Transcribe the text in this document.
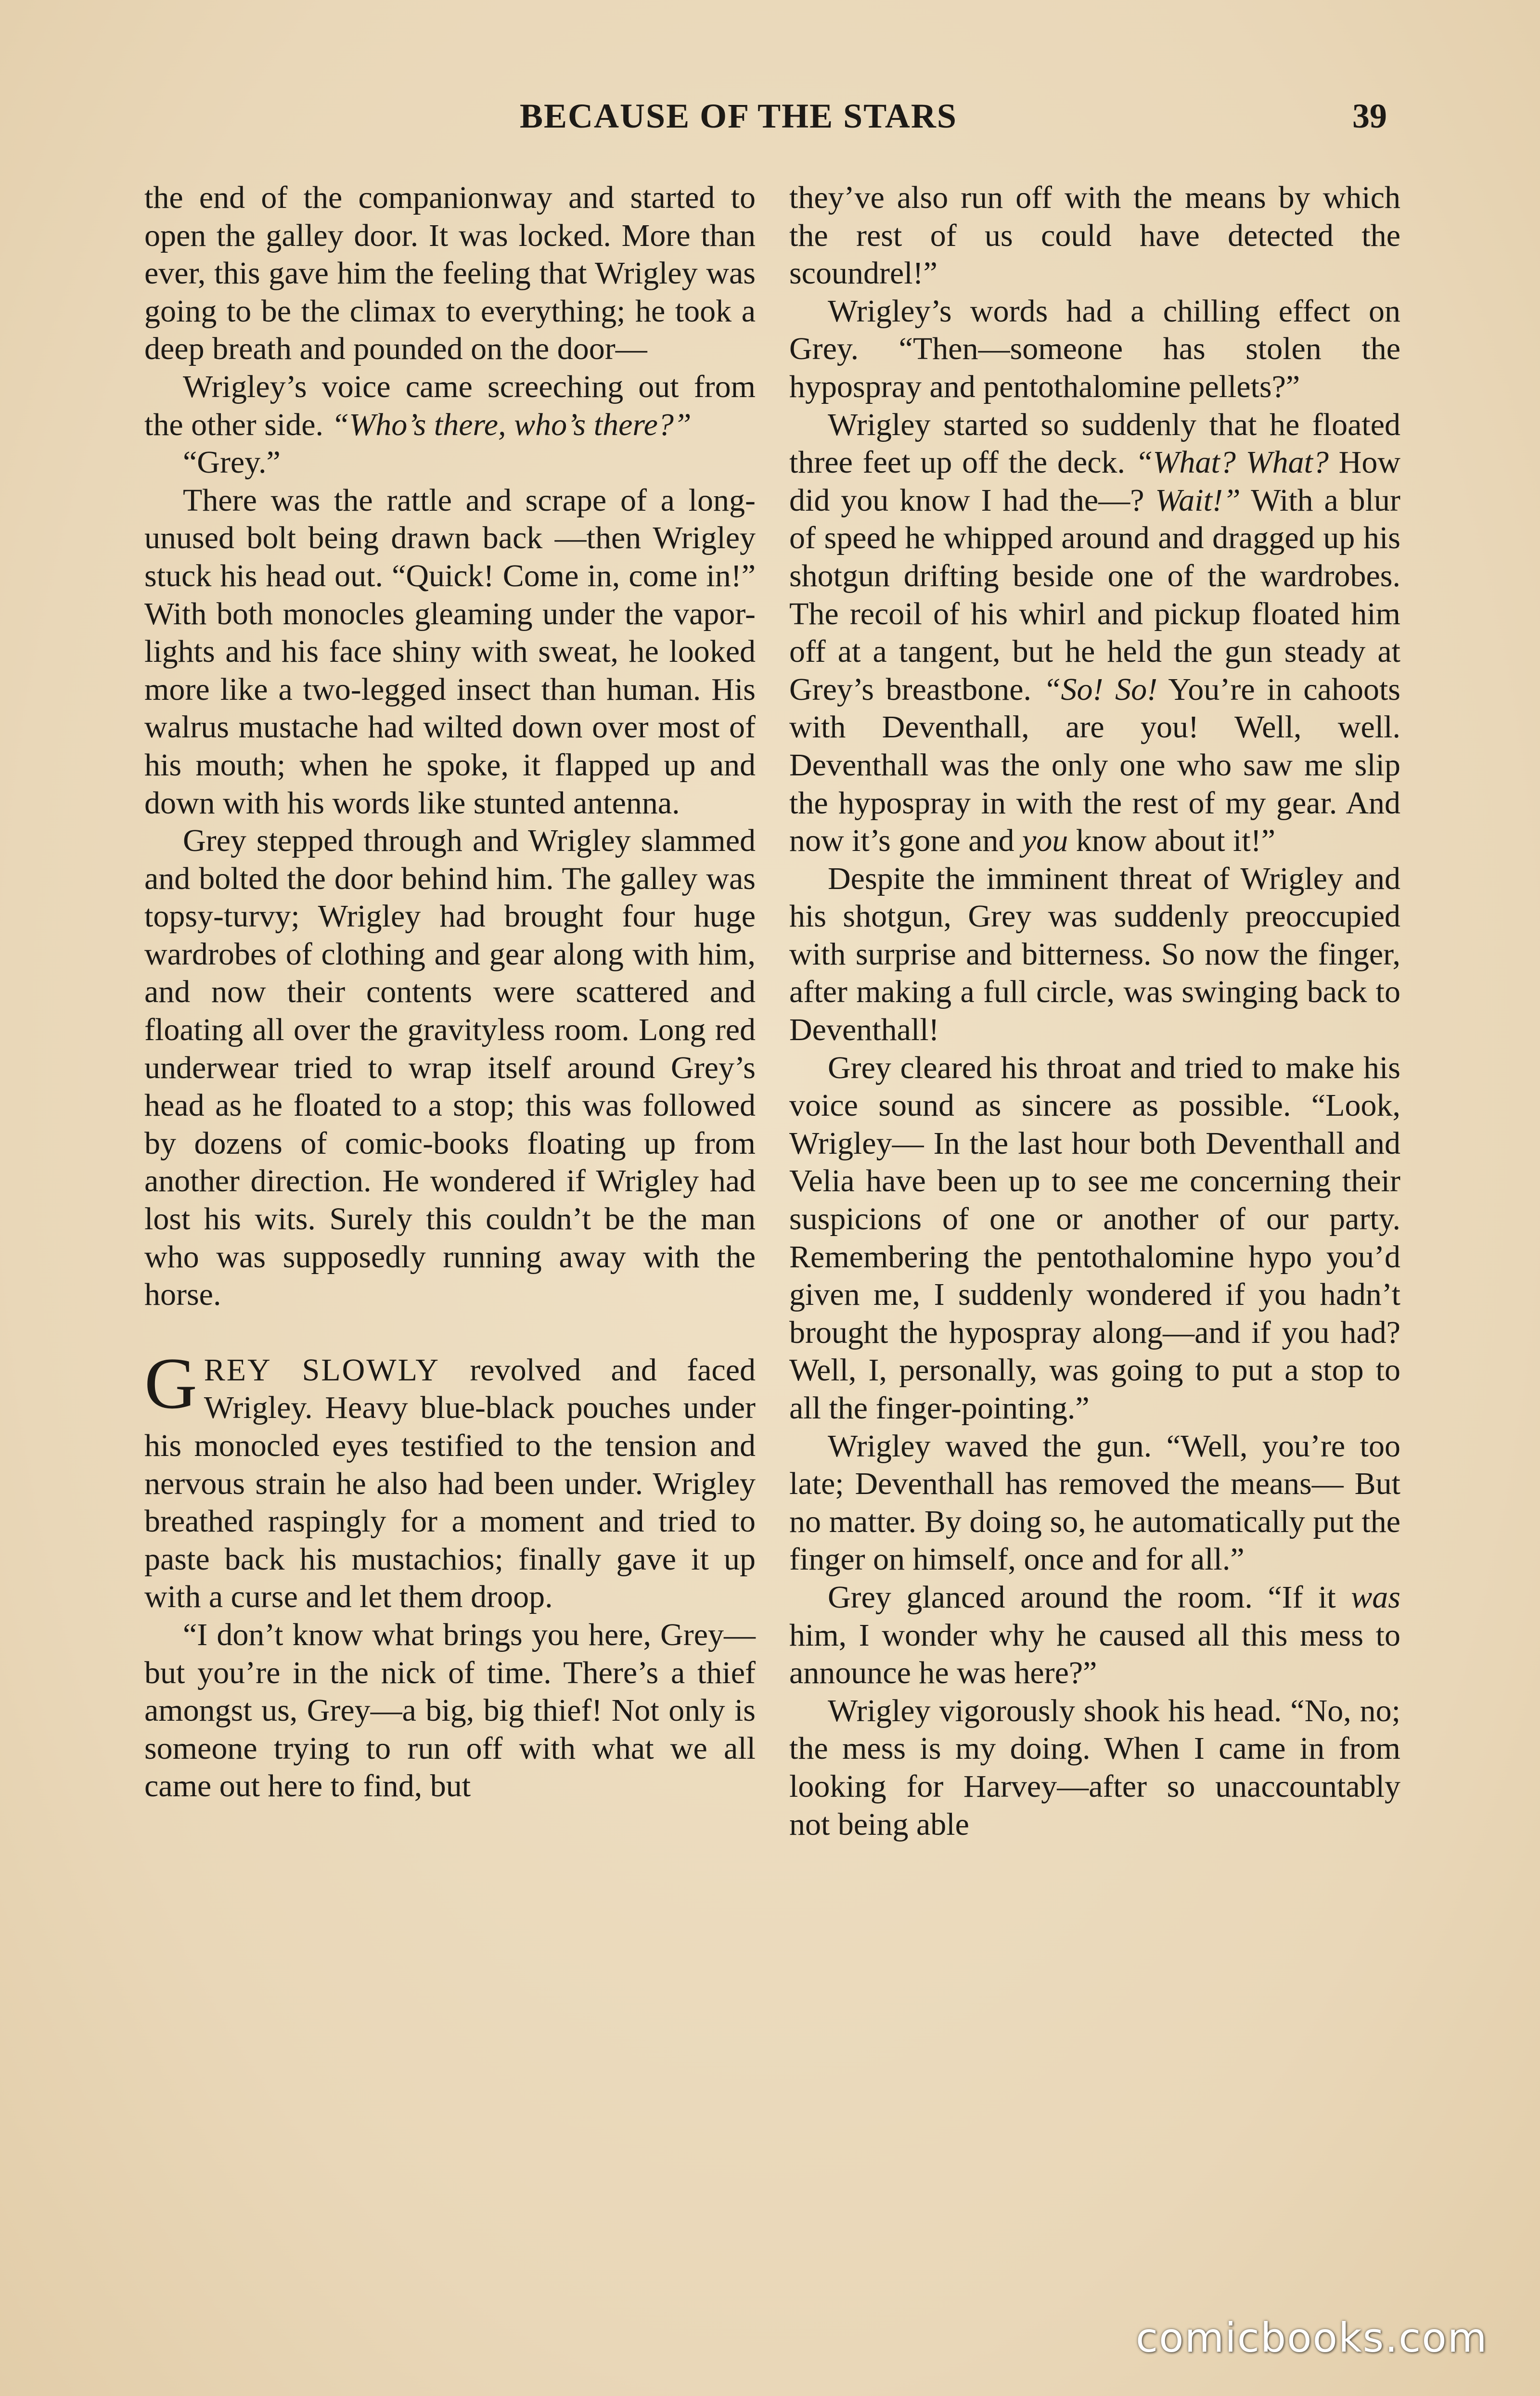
BECAUSE OF THE STARS	39

the end of the companionway and started to open the galley door. It was locked. More than ever, this gave him the feeling that Wrigley was going to be the climax to everything; he took a deep breath and pounded on the door—

Wrigley’s voice came screeching out from the other side. “Who’s there, who’s there?”

“Grey.”

There was the rattle and scrape of a long-unused bolt being drawn back —then Wrigley stuck his head out. “Quick! Come in, come in!” With both monocles gleaming under the vapor-lights and his face shiny with sweat, he looked more like a two-legged insect than human. His walrus mustache had wilted down over most of his mouth; when he spoke, it flapped up and down with his words like stunted antenna.

Grey stepped through and Wrigley slammed and bolted the door behind him. The galley was topsy-turvy; Wrigley had brought four huge wardrobes of clothing and gear along with him, and now their contents were scattered and floating all over the gravityless room. Long red underwear tried to wrap itself around Grey’s head as he floated to a stop; this was followed by dozens of comic-books floating up from another direction. He wondered if Wrigley had lost his wits. Surely this couldn’t be the man who was supposedly running away with the horse.

GREY SLOWLY revolved and faced Wrigley. Heavy blue-black pouches under his monocled eyes testified to the tension and nervous strain he also had been under. Wrigley breathed raspingly for a moment and tried to paste back his mustachios; finally gave it up with a curse and let them droop.

“I don’t know what brings you here, Grey—but you’re in the nick of time. There’s a thief amongst us, Grey—a big, big thief! Not only is someone trying to run off with what we all came out here to find, but

they’ve also run off with the means by which the rest of us could have detected the scoundrel!”

Wrigley’s words had a chilling effect on Grey. “Then—someone has stolen the hypospray and pentothalomine pellets?”

Wrigley started so suddenly that he floated three feet up off the deck. “What? What? How did you know I had the—? Wait!” With a blur of speed he whipped around and dragged up his shotgun drifting beside one of the wardrobes. The recoil of his whirl and pickup floated him off at a tangent, but he held the gun steady at Grey’s breastbone. “So! So! You’re in cahoots with Deventhall, are you! Well, well. Deventhall was the only one who saw me slip the hypospray in with the rest of my gear. And now it’s gone and you know about it!”

Despite the imminent threat of Wrigley and his shotgun, Grey was suddenly preoccupied with surprise and bitterness. So now the finger, after making a full circle, was swinging back to Deventhall!

Grey cleared his throat and tried to make his voice sound as sincere as possible. “Look, Wrigley— In the last hour both Deventhall and Velia have been up to see me concerning their suspicions of one or another of our party. Remembering the pentothalomine hypo you’d given me, I suddenly wondered if you hadn’t brought the hypospray along—and if you had? Well, I, personally, was going to put a stop to all the finger-pointing.”

Wrigley waved the gun. “Well, you’re too late; Deventhall has removed the means— But no matter. By doing so, he automatically put the finger on himself, once and for all.”

Grey glanced around the room. “If it was him, I wonder why he caused all this mess to announce he was here?”

Wrigley vigorously shook his head. “No, no; the mess is my doing. When I came in from looking for Harvey—after so unaccountably not being able

comicbooks.com
